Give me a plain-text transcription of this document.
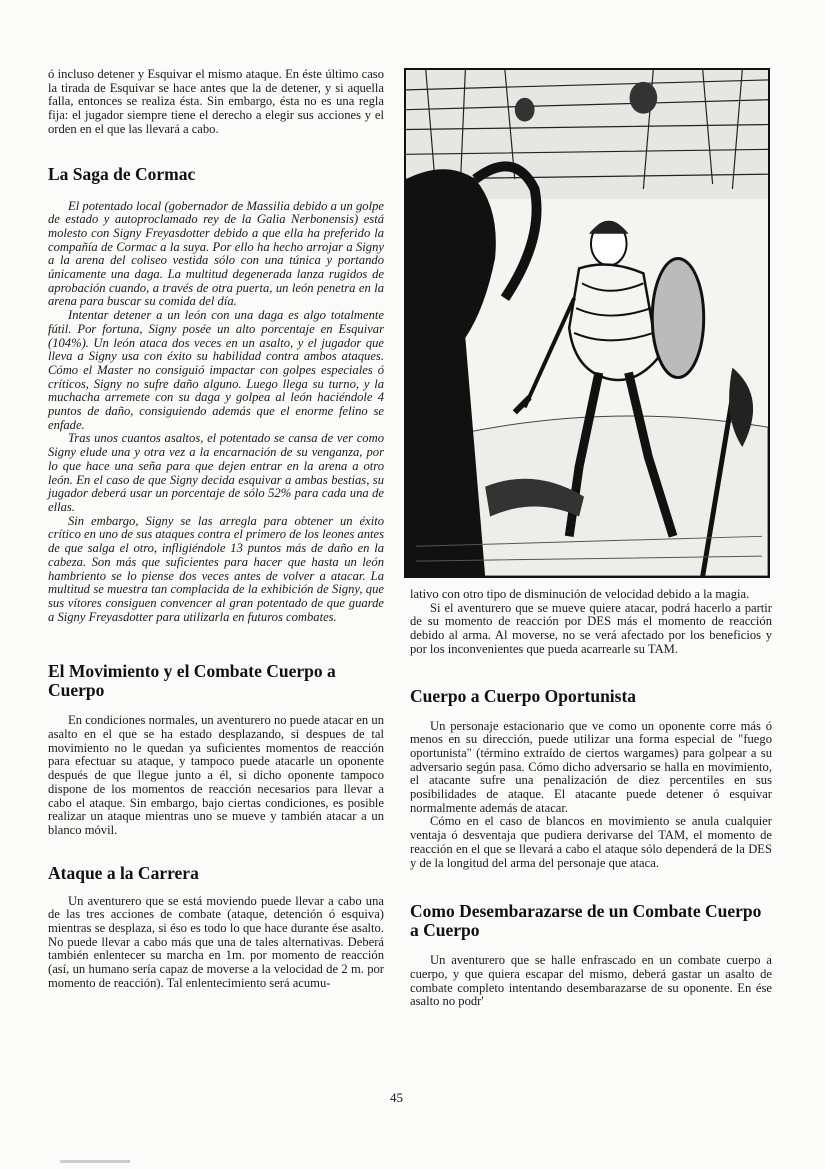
ó incluso detener y Esquivar el mismo ataque. En éste último caso la tirada de Esquivar se hace antes que la de detener, y si aquella falla, entonces se realiza ésta. Sin embargo, ésta no es una regla fija: el jugador siempre tiene el derecho a elegir sus acciones y el orden en el que las llevará a cabo.

La Saga de Cormac

El potentado local (gobernador de Massilia debido a un golpe de estado y autoproclamado rey de la Galia Nerbonensis) está molesto con Signy Freyasdotter debido a que ella ha preferido la compañía de Cormac a la suya. Por ello ha hecho arrojar a Signy a la arena del coliseo vestida sólo con una túnica y portando únicamente una daga. La multitud degenerada lanza rugidos de aprobación cuando, a través de otra puerta, un león penetra en la arena para buscar su comida del día.

Intentar detener a un león con una daga es algo totalmente fútil. Por fortuna, Signy posée un alto porcentaje en Esquivar (104%). Un león ataca dos veces en un asalto, y el jugador que lleva a Signy usa con éxito su habilidad contra ambos ataques. Cómo el Master no consiguió impactar con golpes especiales ó críticos, Signy no sufre daño alguno. Luego llega su turno, y la muchacha arremete con su daga y golpea al león haciéndole 4 puntos de daño, consiguiendo además que el enorme felino se enfade.

Tras unos cuantos asaltos, el potentado se cansa de ver como Signy elude una y otra vez a la encarnación de su venganza, por lo que hace una seña para que dejen entrar en la arena a otro león. En el caso de que Signy decida esquivar a ambas bestias, su jugador deberá usar un porcentaje de sólo 52% para cada una de ellas.

Sin embargo, Signy se las arregla para obtener un éxito crítico en uno de sus ataques contra el primero de los leones antes de que salga el otro, infligiéndole 13 puntos más de daño en la cabeza. Son más que suficientes para hacer que hasta un león hambriento se lo piense dos veces antes de volver a atacar. La multitud se muestra tan complacida de la exhibición de Signy, que sus vítores consiguen convencer al gran potentado de que guarde a Signy Freyasdotter para utilizarla en futuros combates.

El Movimiento y el Combate Cuerpo a Cuerpo

En condiciones normales, un aventurero no puede atacar en un asalto en el que se ha estado desplazando, si despues de tal movimiento no le quedan ya suficientes momentos de reacción para efectuar su ataque, y tampoco puede atacarle un oponente después de que llegue junto a él, si dicho oponente tampoco dispone de los momentos de reacción necesarios para llevar a cabo el ataque. Sin embargo, bajo ciertas condiciones, es posible realizar un ataque mientras uno se mueve y también atacar a un blanco móvil.

Ataque a la Carrera

Un aventurero que se está moviendo puede llevar a cabo una de las tres acciones de combate (ataque, detención ó esquiva) mientras se desplaza, si éso es todo lo que hace durante ése asalto. No puede llevar a cabo más que una de tales alternativas. Deberá también enlentecer su marcha en 1m. por momento de reacción (así, un humano sería capaz de moverse a la velocidad de 2 m. por momento de reacción). Tal enlentecimiento será acumu-

lativo con otro tipo de disminución de velocidad debido a la magia.

Si el aventurero que se mueve quiere atacar, podrá hacerlo a partir de su momento de reacción por DES más el momento de reacción debido al arma. Al moverse, no se verá afectado por los beneficios y por los inconvenientes que pueda acarrearle su TAM.

Cuerpo a Cuerpo Oportunista

Un personaje estacionario que ve como un oponente corre más ó menos en su dirección, puede utilizar una forma especial de "fuego oportunista" (término extraído de ciertos wargames) para golpear a su adversario según pasa. Cómo dicho adversario se halla en movimiento, el atacante sufre una penalización de diez percentiles en sus posibilidades de ataque. El atacante puede detener ó esquivar normalmente además de atacar.

Cómo en el caso de blancos en movimiento se anula cualquier ventaja ó desventaja que pudiera derivarse del TAM, el momento de reacción en el que se llevará a cabo el ataque sólo dependerá de la DES y de la longitud del arma del personaje que ataca.

Como Desembarazarse de un Combate Cuerpo a Cuerpo

Un aventurero que se halle enfrascado en un combate cuerpo a cuerpo, y que quiera escapar del mismo, deberá gastar un asalto de combate completo intentando desembarazarse de su oponente. En ése asalto no podr'

45
